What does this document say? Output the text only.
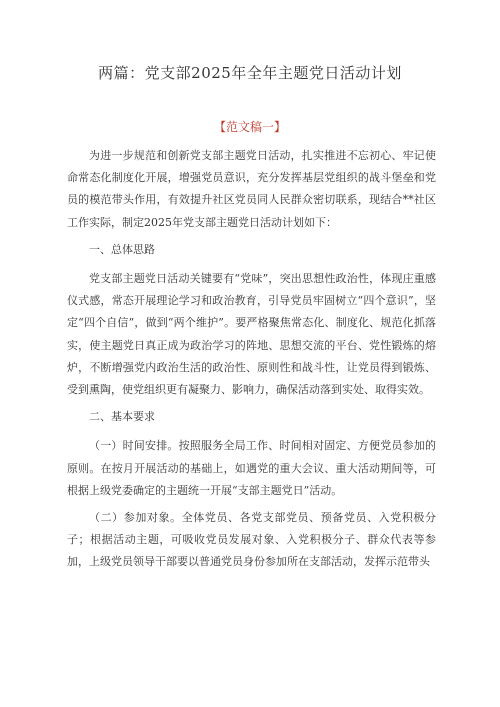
两篇：党支部2025年全年主题党日活动计划
【范文稿一】

为进一步规范和创新党支部主题党日活动，扎实推进不忘初心、牢记使命常态化制度化开展，增强党员意识，充分发挥基层党组织的战斗堡垒和党员的模范带头作用，有效提升社区党员同人民群众密切联系，现结合**社区工作实际，制定2025年党支部主题党日活动计划如下：

一、总体思路

党支部主题党日活动关键要有“党味”，突出思想性政治性，体现庄重感仪式感，常态开展理论学习和政治教育，引导党员牢固树立“四个意识”，坚定“四个自信”，做到“两个维护”。要严格聚焦常态化、制度化、规范化抓落实，使主题党日真正成为政治学习的阵地、思想交流的平台、党性锻炼的熔炉，不断增强党内政治生活的政治性、原则性和战斗性，让党员得到锻炼、受到熏陶，使党组织更有凝聚力、影响力，确保活动落到实处、取得实效。

二、基本要求

（一）时间安排。按照服务全局工作、时间相对固定、方便党员参加的原则。在按月开展活动的基础上，如遇党的重大会议、重大活动期间等，可根据上级党委确定的主题统一开展“支部主题党日”活动。

（二）参加对象。全体党员、各党支部党员、预备党员、入党积极分子；根据活动主题，可吸收党员发展对象、入党积极分子、群众代表等参加，上级党员领导干部要以普通党员身份参加所在支部活动，发挥示范带头
